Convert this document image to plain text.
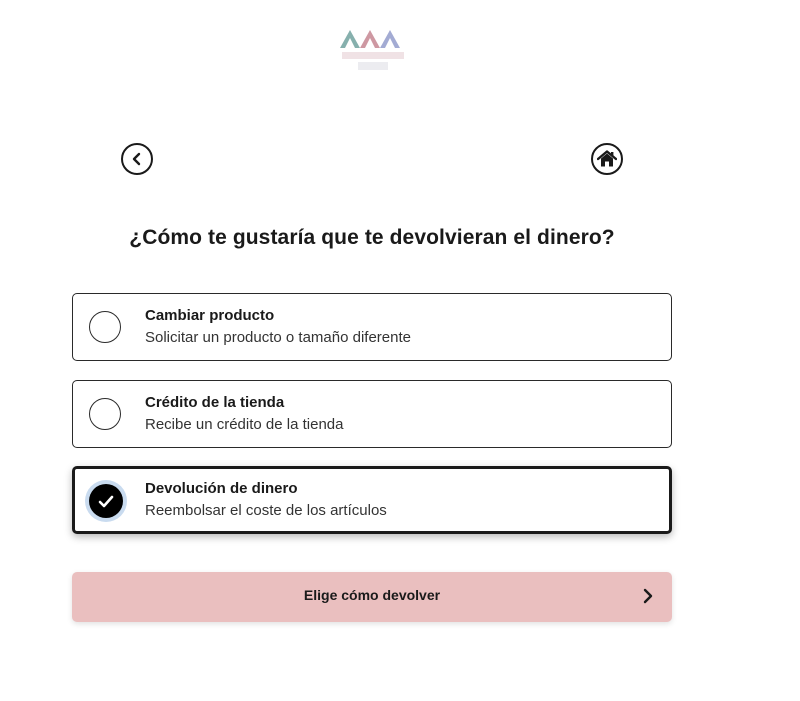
¿Cómo te gustaría que te devolvieran el dinero?
Cambiar producto
Solicitar un producto o tamaño diferente
Crédito de la tienda
Recibe un crédito de la tienda
Devolución de dinero
Reembolsar el coste de los artículos
Elige cómo devolver
